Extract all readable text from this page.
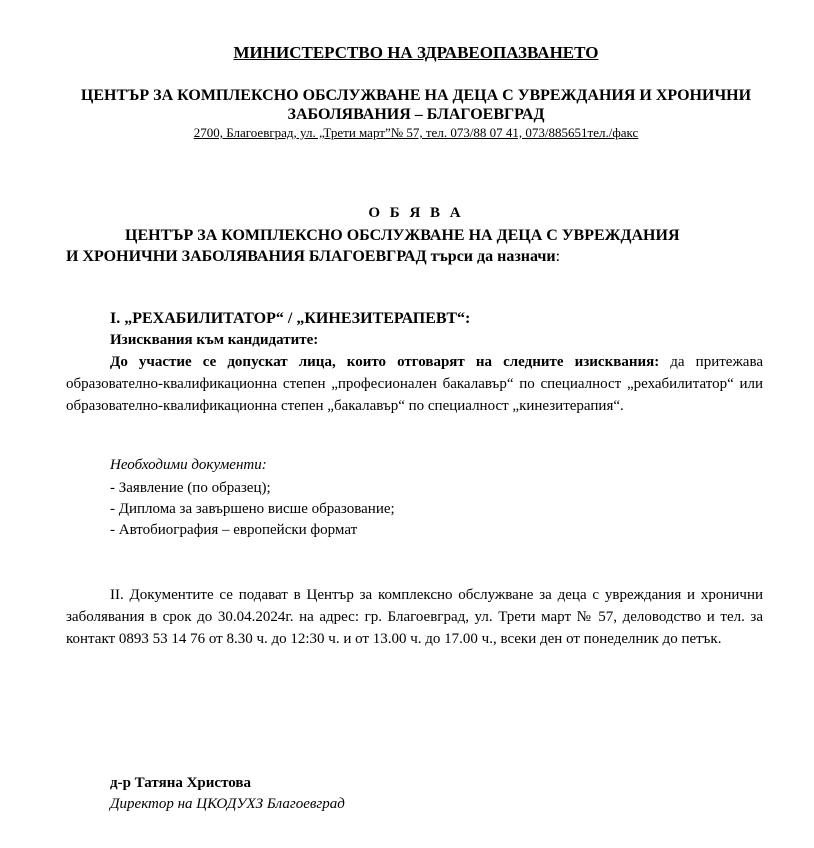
МИНИСТЕРСТВО НА ЗДРАВЕОПАЗВАНЕТО
ЦЕНТЪР ЗА КОМПЛЕКСНО ОБСЛУЖВАНЕ НА ДЕЦА С УВРЕЖДАНИЯ И ХРОНИЧНИ ЗАБОЛЯВАНИЯ – БЛАГОЕВГРАД
2700, Благоевград, ул. „Трети март”№ 57, тел. 073/88 07 41, 073/885651тел./факс
О Б Я В А
ЦЕНТЪР ЗА КОМПЛЕКСНО ОБСЛУЖВАНЕ НА ДЕЦА С УВРЕЖДАНИЯ
И ХРОНИЧНИ ЗАБОЛЯВАНИЯ БЛАГОЕВГРАД търси да назначи:
I. „РЕХАБИЛИТАТОР“ / „КИНЕЗИТЕРАПЕВТ“:
Изисквания към кандидатите:
До участие се допускат лица, които отговарят на следните изисквания: да притежава образователно-квалификационна степен „професионален бакалавър“ по специалност „рехабилитатор“ или образователно-квалификационна степен „бакалавър“ по специалност „кинезитерапия“.
Необходими документи:
- Заявление (по образец);
- Диплома за завършено висше образование;
- Автобиография – европейски формат
II. Документите се подават в Център за комплексно обслужване за деца с увреждания и хронични заболявания в срок до 30.04.2024г. на адрес: гр. Благоевград, ул. Трети март № 57, деловодство и тел. за контакт 0893 53 14 76 от 8.30 ч. до 12:30 ч. и от 13.00 ч. до 17.00 ч., всеки ден от понеделник до петък.
д-р Татяна Христова
Директор на ЦКОДУХЗ Благоевград
